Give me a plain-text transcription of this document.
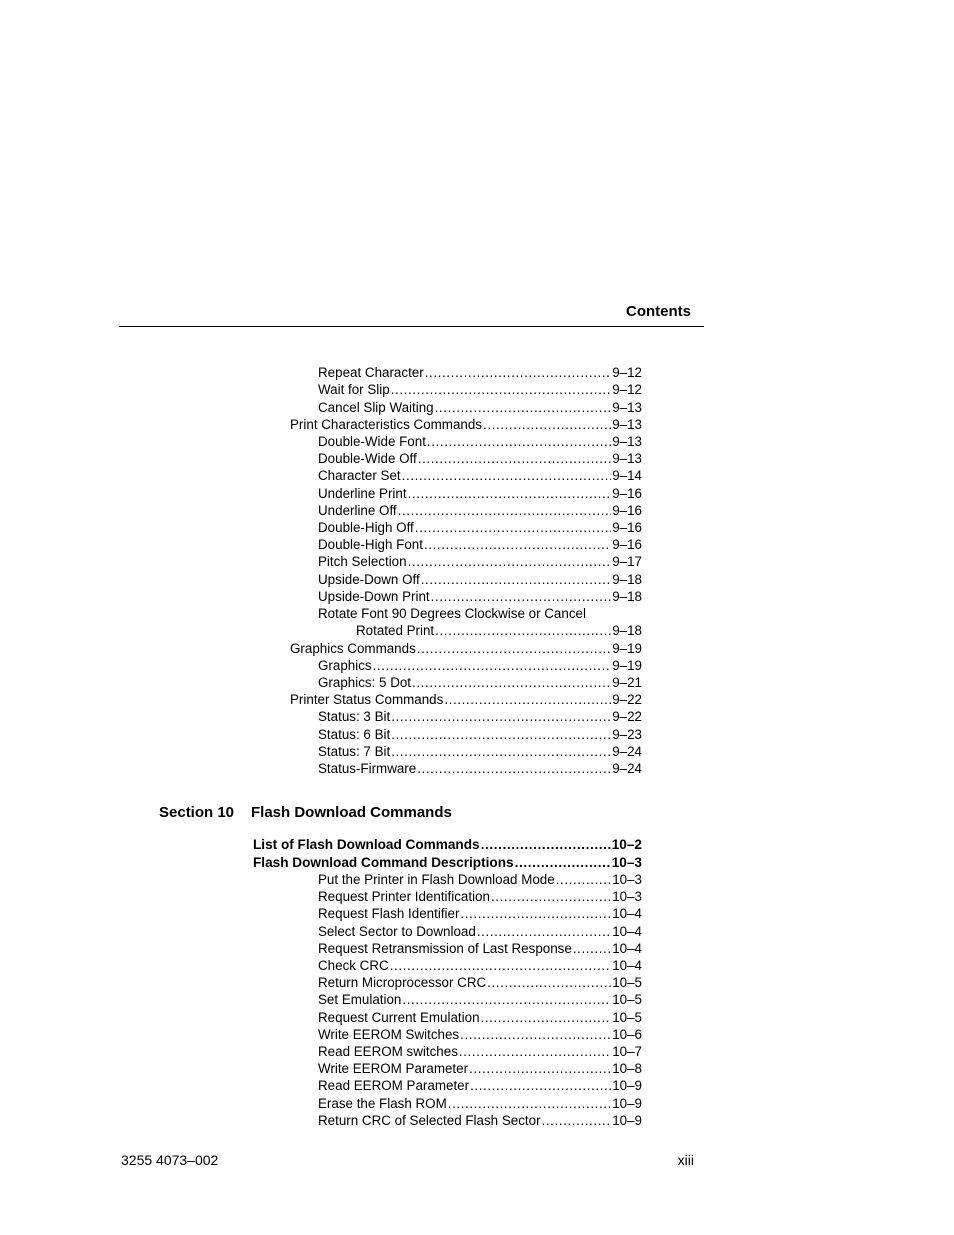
Contents
Repeat Character .....	9–12
Wait for Slip .....	9–12
Cancel Slip Waiting .....	9–13
Print Characteristics Commands .....	9–13
Double-Wide Font .....	9–13
Double-Wide Off .....	9–13
Character Set .....	9–14
Underline Print .....	9–16
Underline Off .....	9–16
Double-High Off .....	9–16
Double-High Font .....	9–16
Pitch Selection .....	9–17
Upside-Down Off .....	9–18
Upside-Down Print .....	9–18
Rotate Font 90 Degrees Clockwise or Cancel
Rotated Print .....	9–18
Graphics Commands .....	9–19
Graphics .....	9–19
Graphics: 5 Dot .....	9–21
Printer Status Commands .....	9–22
Status: 3 Bit .....	9–22
Status: 6 Bit .....	9–23
Status: 7 Bit .....	9–24
Status-Firmware .....	9–24
Section 10 Flash Download Commands
List of Flash Download Commands .....	10–2
Flash Download Command Descriptions .....	10–3
Put the Printer in Flash Download Mode .....	10–3
Request Printer Identification .....	10–3
Request Flash Identifier .....	10–4
Select Sector to Download .....	10–4
Request Retransmission of Last Response .....	10–4
Check CRC .....	10–4
Return Microprocessor CRC .....	10–5
Set Emulation .....	10–5
Request Current Emulation .....	10–5
Write EEROM Switches .....	10–6
Read EEROM switches .....	10–7
Write EEROM Parameter .....	10–8
Read EEROM Parameter .....	10–9
Erase the Flash ROM .....	10–9
Return CRC of Selected Flash Sector .....	10–9
3255 4073–002	xiii
